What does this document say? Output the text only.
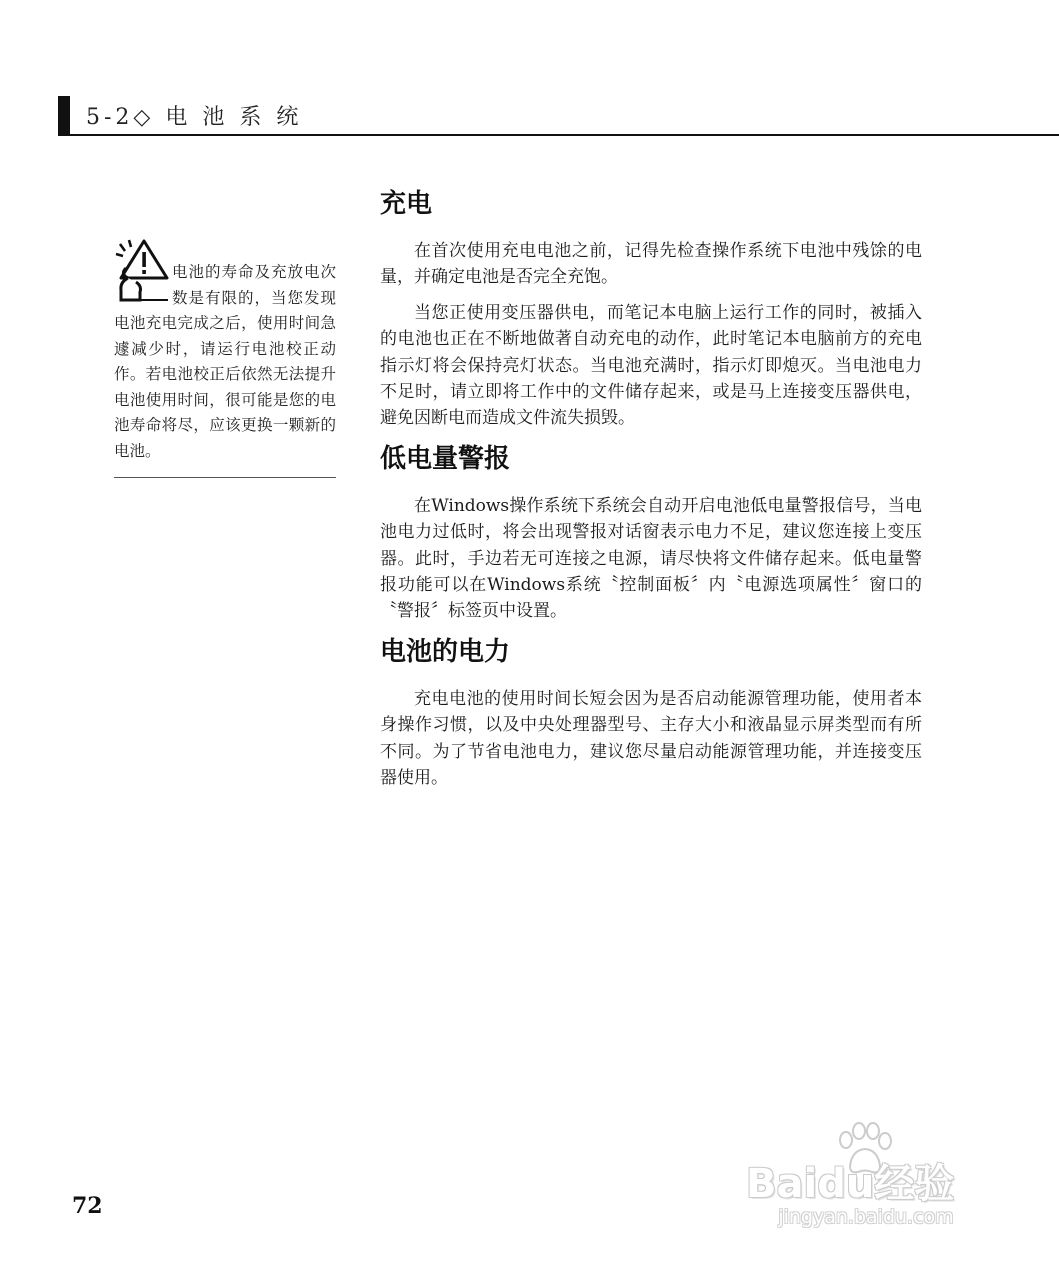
5-2◇ 电 池 系 统

电池的寿命及充放电次数是有限的，当您发现电池充电完成之后，使用时间急遽减少时，请运行电池校正动作。若电池校正后依然无法提升电池使用时间，很可能是您的电池寿命将尽，应该更换一颗新的电池。

充电

在首次使用充电电池之前，记得先检查操作系统下电池中残馀的电量，并确定电池是否完全充饱。

当您正使用变压器供电，而笔记本电脑上运行工作的同时，被插入的电池也正在不断地做著自动充电的动作，此时笔记本电脑前方的充电指示灯将会保持亮灯状态。当电池充满时，指示灯即熄灭。当电池电力不足时，请立即将工作中的文件储存起来，或是马上连接变压器供电，避免因断电而造成文件流失损毁。

低电量警报

在Windows操作系统下系统会自动开启电池低电量警报信号，当电池电力过低时，将会出现警报对话窗表示电力不足，建议您连接上变压器。此时，手边若无可连接之电源，请尽快将文件储存起来。低电量警报功能可以在Windows系统〝控制面板〞内〝电源选项属性〞窗口的〝警报〞标签页中设置。

电池的电力

充电电池的使用时间长短会因为是否启动能源管理功能，使用者本身操作习惯，以及中央处理器型号、主存大小和液晶显示屏类型而有所不同。为了节省电池电力，建议您尽量启动能源管理功能，并连接变压器使用。

72	Baidu经验
jingyan.baidu.com
